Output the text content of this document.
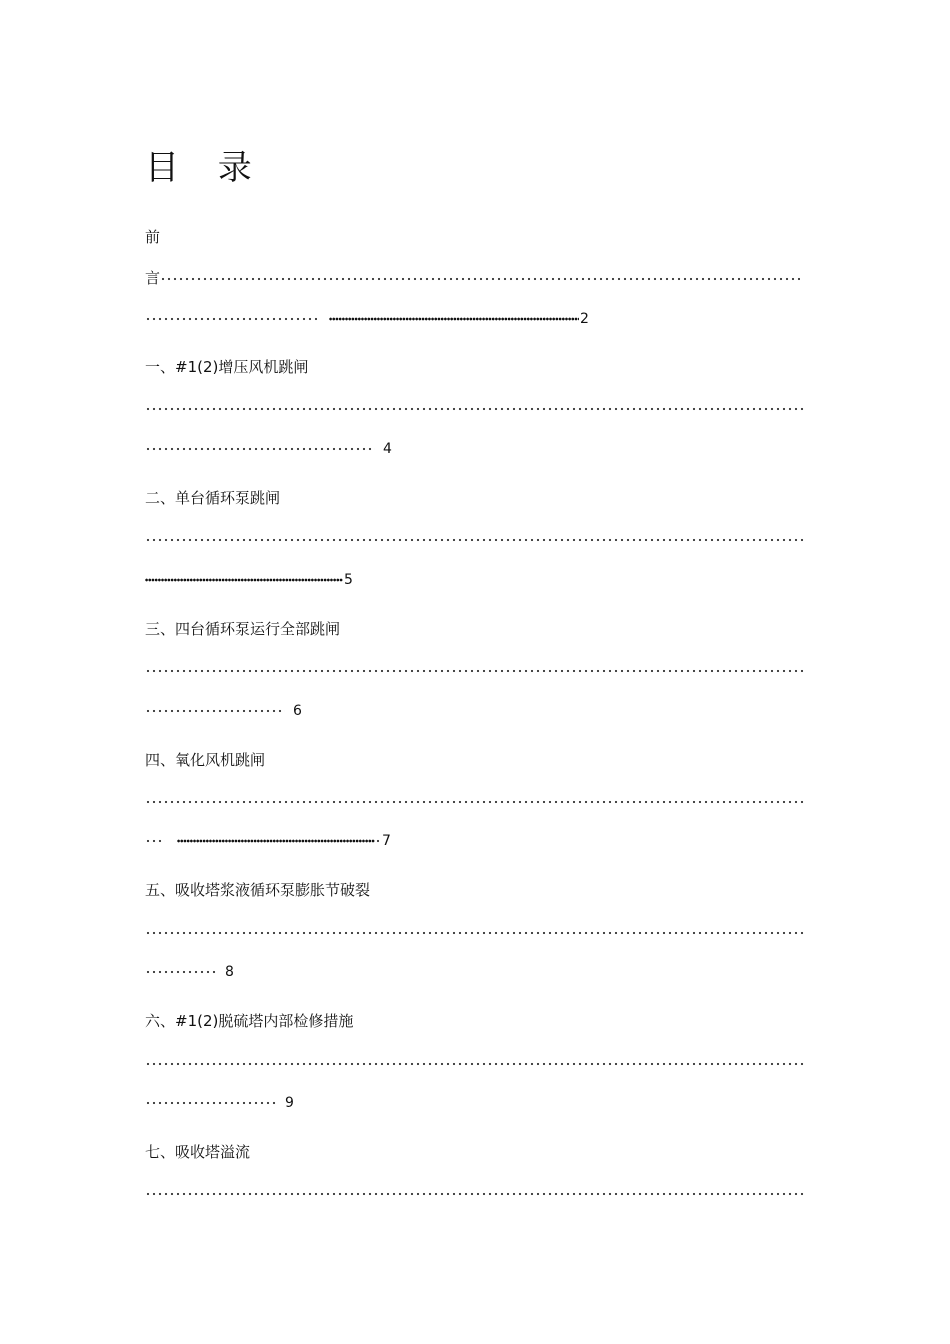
目 录
前
言
2
一、#1(2)增压风机跳闸
4
二、单台循环泵跳闸
5
三、四台循环泵运行全部跳闸
6
四、氧化风机跳闸
7
五、吸收塔浆液循环泵膨胀节破裂
8
六、#1(2)脱硫塔内部检修措施
9
七、吸收塔溢流
